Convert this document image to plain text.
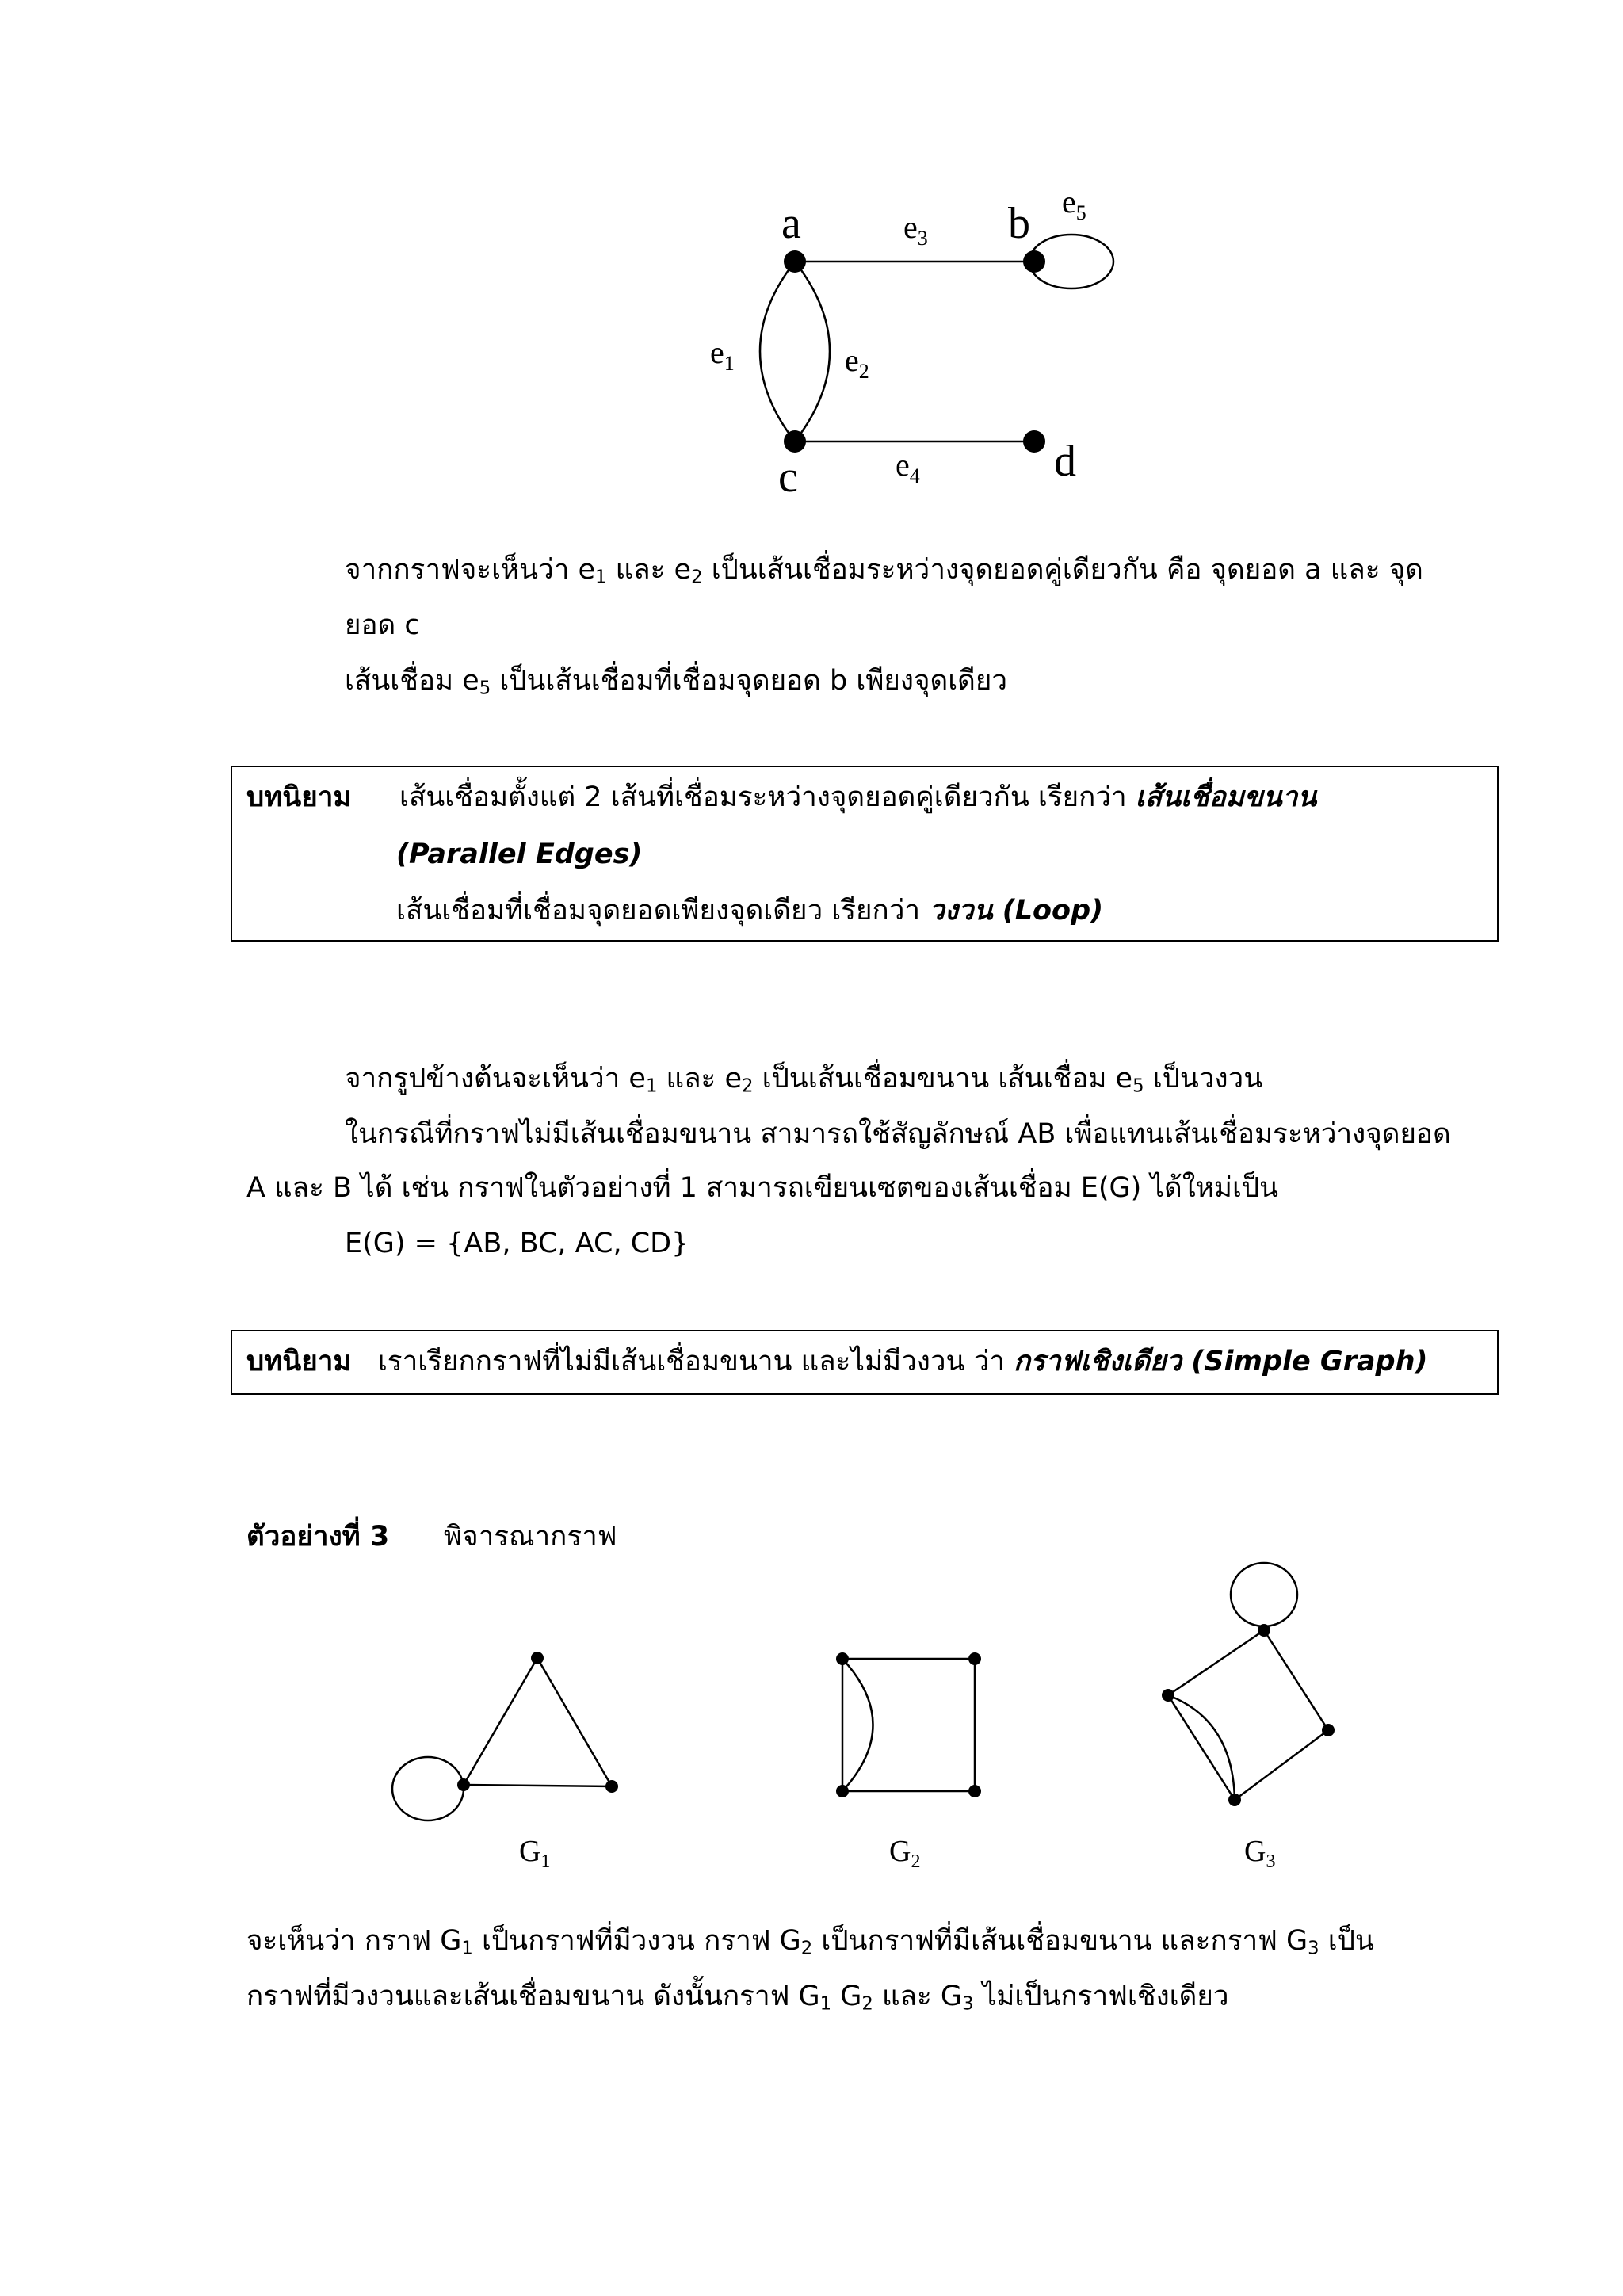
a	b
c	d
$e_1$	$e_2$
$e_3$
$e_4$
$e_5$
จากกราฟจะเห็นว่า $e_1$ และ $e_2$ เป็นเส้นเชื่อมระหว่างจุดยอดคู่เดียวกัน คือ จุดยอด a และ จุด
ยอด c
เส้นเชื่อม $e_5$ เป็นเส้นเชื่อมที่เชื่อมจุดยอด b เพียงจุดเดียว
บทนิยาม เส้นเชื่อมตั้งแต่ 2 เส้นที่เชื่อมระหว่างจุดยอดคู่เดียวกัน เรียกว่า เส้นเชื่อมขนาน
(Parallel Edges)
เส้นเชื่อมที่เชื่อมจุดยอดเพียงจุดเดียว เรียกว่า วงวน (Loop)
จากรูปข้างต้นจะเห็นว่า $e_1$ และ $e_2$ เป็นเส้นเชื่อมขนาน เส้นเชื่อม $e_5$ เป็นวงวน
ในกรณีที่กราฟไม่มีเส้นเชื่อมขนาน สามารถใช้สัญลักษณ์ AB เพื่อแทนเส้นเชื่อมระหว่างจุดยอด
A และ B ได้ เช่น กราฟในตัวอย่างที่ 1 สามารถเขียนเซตของเส้นเชื่อม E(G) ได้ใหม่เป็น
E(G) = {AB, BC, AC, CD}
บทนิยาม เราเรียกกราฟที่ไม่มีเส้นเชื่อมขนาน และไม่มีวงวน ว่า กราฟเชิงเดียว (Simple Graph)
ตัวอย่างที่ 3 พิจารณากราฟ
$G_1$	$G_2$	$G_3$
จะเห็นว่า กราฟ $G_1$ เป็นกราฟที่มีวงวน กราฟ $G_2$ เป็นกราฟที่มีเส้นเชื่อมขนาน และกราฟ $G_3$ เป็น
กราฟที่มีวงวนและเส้นเชื่อมขนาน ดังนั้นกราฟ $G_1$ $G_2$ และ $G_3$ ไม่เป็นกราฟเชิงเดียว
